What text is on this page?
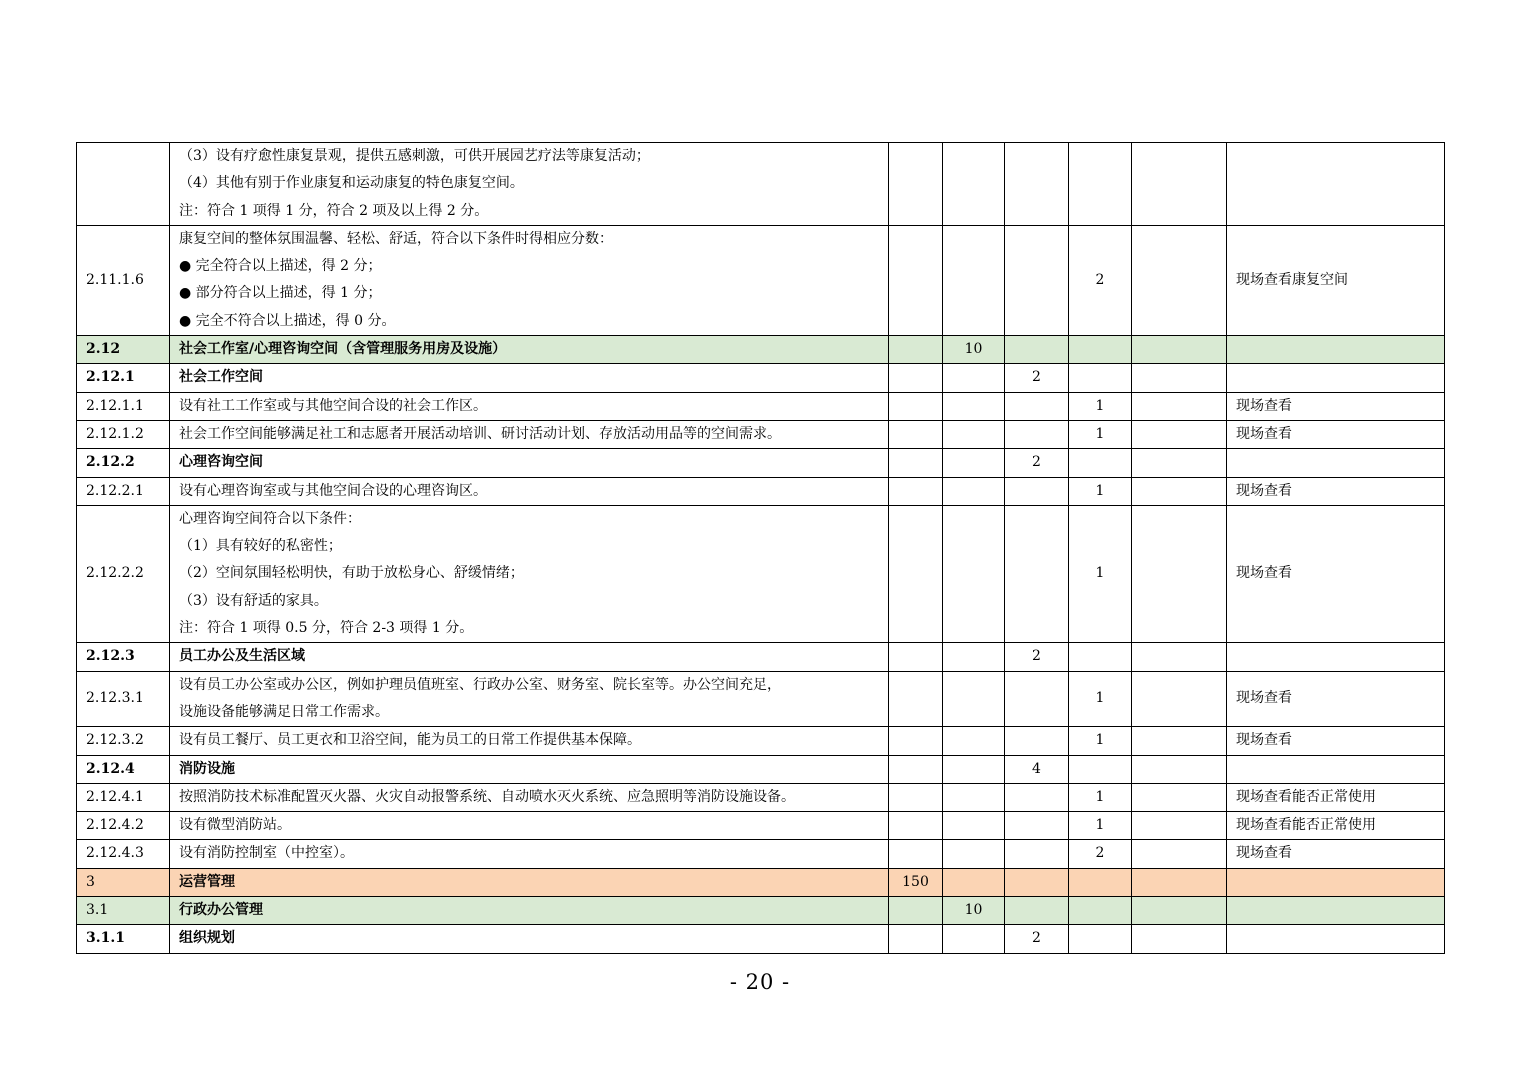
	（3）设有疗愈性康复景观，提供五感刺激，可供开展园艺疗法等康复活动；
（4）其他有别于作业康复和运动康复的特色康复空间。
注：符合 1 项得 1 分，符合 2 项及以上得 2 分。						

2.11.1.6	康复空间的整体氛围温馨、轻松、舒适，符合以下条件时得相应分数：
● 完全符合以上描述，得 2 分；
● 部分符合以上描述，得 1 分；
● 完全不符合以上描述，得 0 分。				2		现场查看康复空间
2.12	社会工作室/心理咨询空间（含管理服务用房及设施）		10				
2.12.1	社会工作空间			2			
2.12.1.1	设有社工工作室或与其他空间合设的社会工作区。				1		现场查看
2.12.1.2	社会工作空间能够满足社工和志愿者开展活动培训、研讨活动计划、存放活动用品等的空间需求。				1		现场查看
2.12.2	心理咨询空间			2			
2.12.2.1	设有心理咨询室或与其他空间合设的心理咨询区。				1		现场查看
2.12.2.2	心理咨询空间符合以下条件：
（1）具有较好的私密性；
（2）空间氛围轻松明快，有助于放松身心、舒缓情绪；
（3）设有舒适的家具。
注：符合 1 项得 0.5 分，符合 2-3 项得 1 分。				1		现场查看
2.12.3	员工办公及生活区域			2			
2.12.3.1	设有员工办公室或办公区，例如护理员值班室、行政办公室、财务室、院长室等。办公空间充足，
设施设备能够满足日常工作需求。				1		现场查看
2.12.3.2	设有员工餐厅、员工更衣和卫浴空间，能为员工的日常工作提供基本保障。				1		现场查看
2.12.4	消防设施			4			
2.12.4.1	按照消防技术标准配置灭火器、火灾自动报警系统、自动喷水灭火系统、应急照明等消防设施设备。				1		现场查看能否正常使用
2.12.4.2	设有微型消防站。				1		现场查看能否正常使用
2.12.4.3	设有消防控制室（中控室）。				2		现场查看
3	运营管理	150					
3.1	行政办公管理		10				
3.1.1	组织规划			2			
- 20 -
